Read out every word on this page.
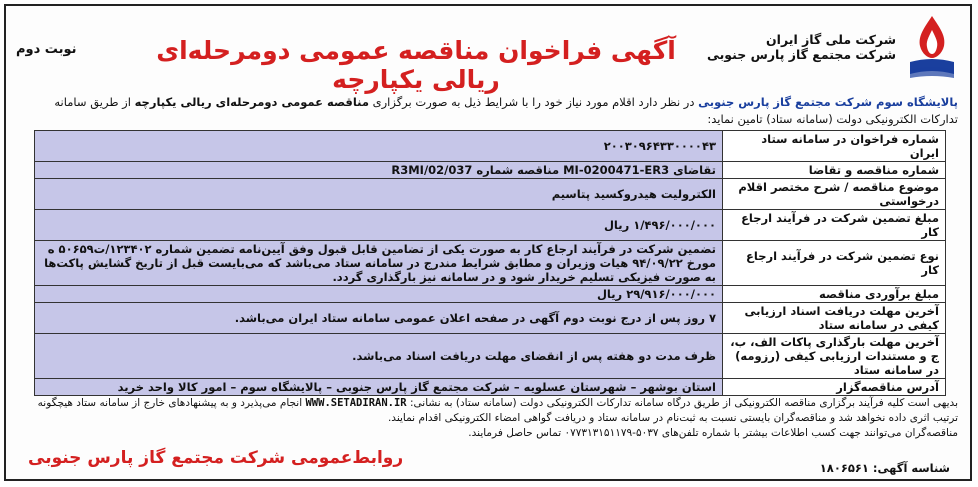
شرکت ملی گاز ایران
شرکت مجتمع گاز پارس جنوبی
آگهی فراخوان مناقصه عمومی دومرحله‌ای ریالی یکپارچه
نوبت دوم
پالایشگاه سوم شرکت مجتمع گاز پارس جنوبی در نظر دارد اقلام مورد نیاز خود را با شرایط ذیل به صورت برگزاری مناقصه عمومی دومرحله‌ای ریالی یکپارچه از طریق سامانه تدارکات الکترونیکی دولت (سامانه ستاد) تامین نماید:
شماره فراخوان در سامانه ستاد ایران	۲۰۰۳۰۹۶۴۳۳۰۰۰۰۴۳
شماره مناقصه و تقاضا	تقاضای MI-0200471-ER3 مناقصه شماره 02/037/R3MI
موضوع مناقصه / شرح مختصر اقلام درخواستی	الکترولیت هیدروکسید پتاسیم
مبلغ تضمین شرکت در فرآیند ارجاع کار	۱/۴۹۶/۰۰۰/۰۰۰ ریال
نوع تضمین شرکت در فرآیند ارجاع کار	تضمین شرکت در فرآیند ارجاع کار به صورت یکی از تضامین قابل قبول وفق آیین‌نامه تضمین شماره ۱۲۳۴۰۲/ت۵۰۶۵۹ ه مورخ ۹۴/۰۹/۲۲ هیات وزیران و مطابق شرایط مندرج در سامانه ستاد می‌باشد که می‌بایست قبل از تاریخ گشایش پاکت‌ها به صورت فیزیکی تسلیم خریدار شود و در سامانه نیز بارگذاری گردد.
مبلغ برآوردی مناقصه	۲۹/۹۱۶/۰۰۰/۰۰۰ ریال
آخرین مهلت دریافت اسناد ارزیابی کیفی در سامانه ستاد	۷ روز پس از درج نوبت دوم آگهی در صفحه اعلان عمومی سامانه ستاد ایران می‌باشد.
آخرین مهلت بارگذاری پاکات الف، ب، ج و مستندات ارزیابی کیفی (رزومه) در سامانه ستاد	ظرف مدت دو هفته پس از انقضای مهلت دریافت اسناد می‌باشد.
آدرس مناقصه‌گزار	استان بوشهر – شهرستان عسلویه – شرکت مجتمع گاز پارس جنوبی – پالایشگاه سوم – امور کالا واحد خرید
بدیهی است کلیه فرآیند برگزاری مناقصه الکترونیکی از طریق درگاه سامانه تدارکات الکترونیکی دولت (سامانه ستاد) به نشانی: WWW.SETADIRAN.IR انجام می‌پذیرد و به پیشنهادهای خارج از سامانه ستاد هیچگونه ترتیب اثری داده نخواهد شد و مناقصه‌گران بایستی نسبت به ثبت‌نام در سامانه ستاد و دریافت گواهی امضاء الکترونیکی اقدام نمایند.
مناقصه‌گران می‌توانند جهت کسب اطلاعات بیشتر با شماره تلفن‌های ۵۰۳۷-۰۷۷۳۱۳۱۵۱۱۷۹ تماس حاصل فرمایند.
شناسه آگهی: ۱۸۰۶۵۶۱
روابط‌عمومی شرکت مجتمع گاز پارس جنوبی
